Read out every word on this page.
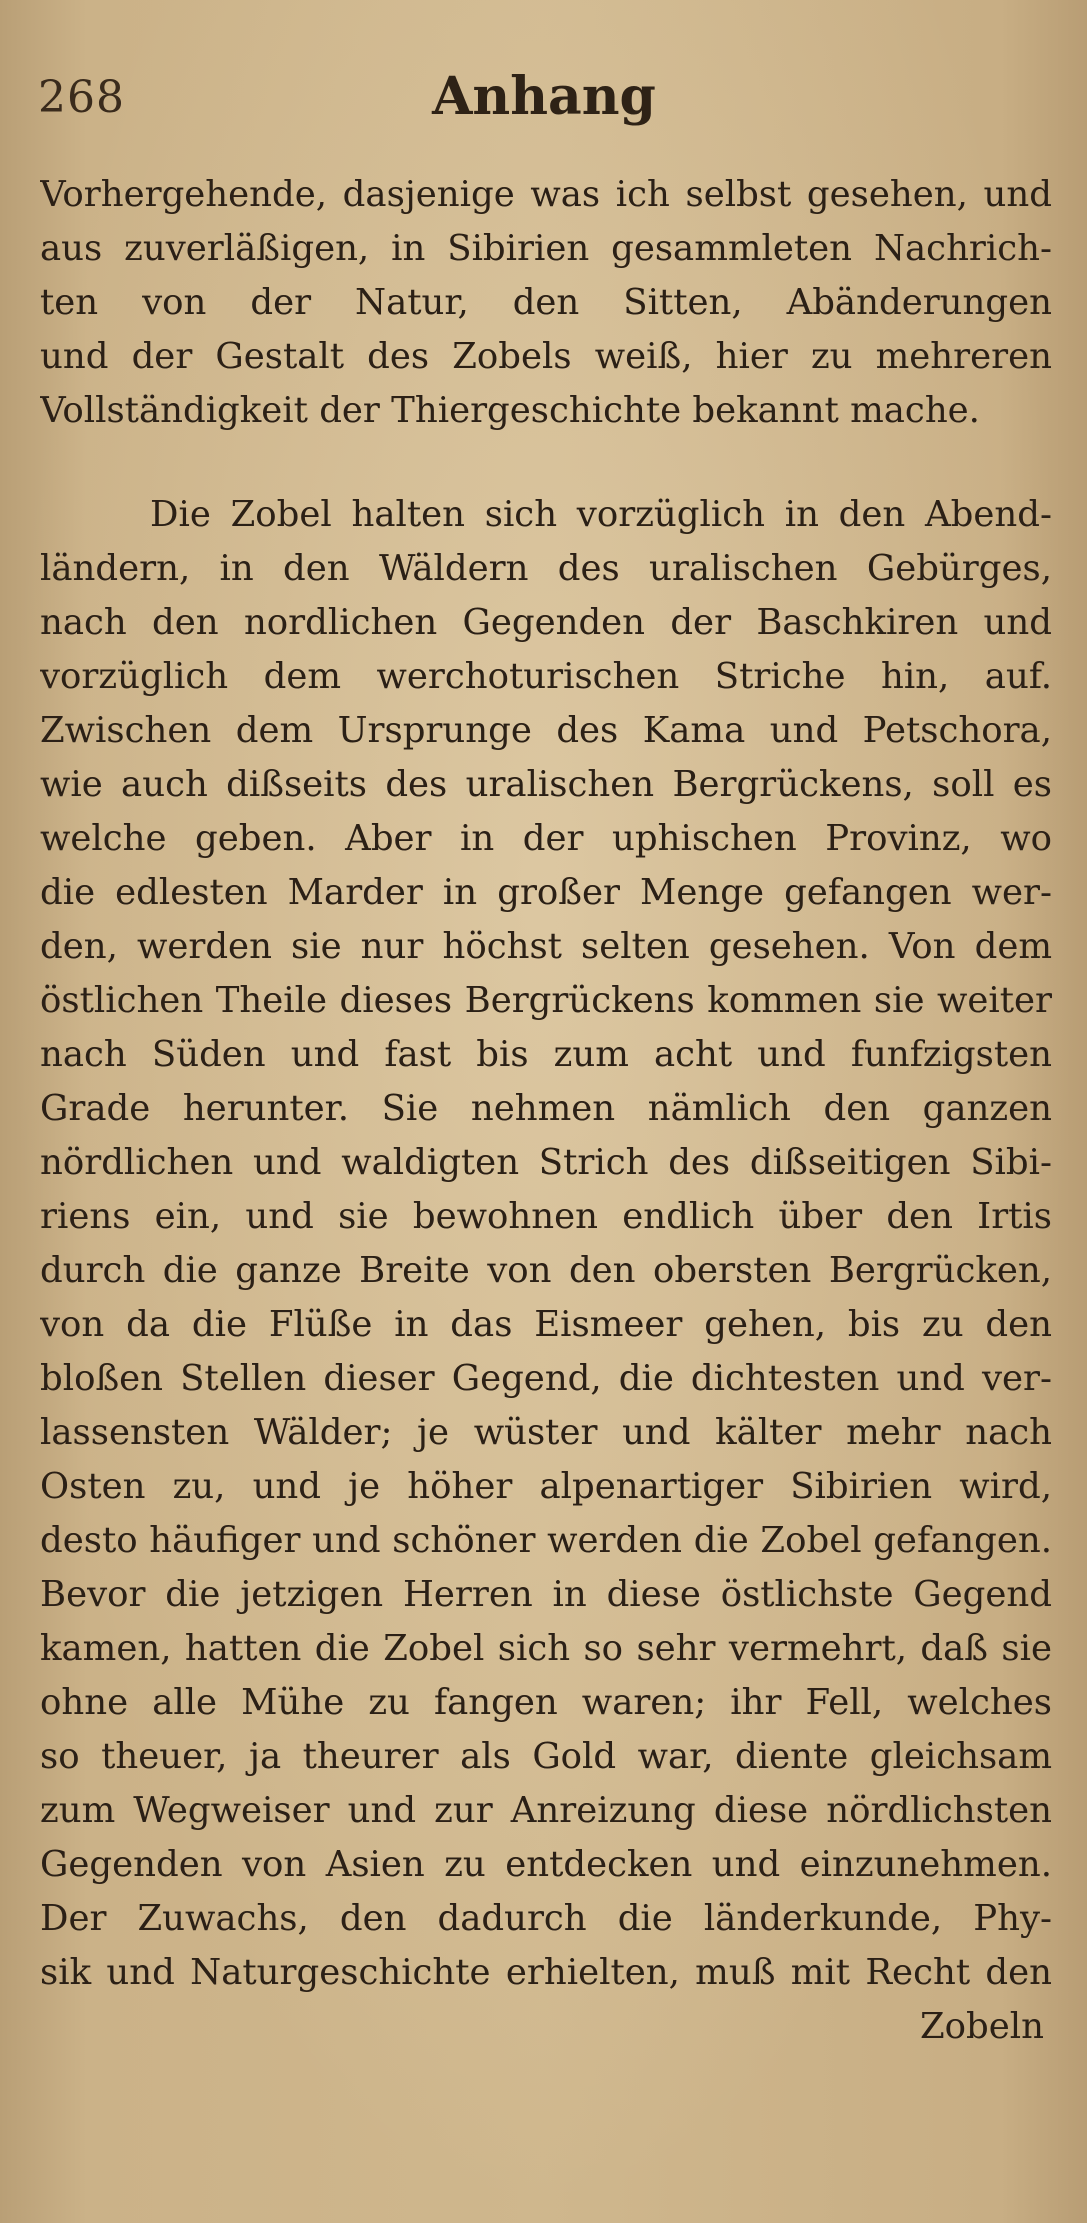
268	Anhang
Vorhergehende, dasjenige was ich selbst gesehen, und
aus zuverläßigen, in Sibirien gesammleten Nachrich-
ten von der Natur, den Sitten, Abänderungen
und der Gestalt des Zobels weiß, hier zu mehreren
Vollständigkeit der Thiergeschichte bekannt mache.
Die Zobel halten sich vorzüglich in den Abend-
ländern, in den Wäldern des uralischen Gebürges,
nach den nordlichen Gegenden der Baschkiren und
vorzüglich dem werchoturischen Striche hin, auf.
Zwischen dem Ursprunge des Kama und Petschora,
wie auch dißseits des uralischen Bergrückens, soll es
welche geben. Aber in der uphischen Provinz, wo
die edlesten Marder in großer Menge gefangen wer-
den, werden sie nur höchst selten gesehen. Von dem
östlichen Theile dieses Bergrückens kommen sie weiter
nach Süden und fast bis zum acht und funfzigsten
Grade herunter. Sie nehmen nämlich den ganzen
nördlichen und waldigten Strich des dißseitigen Sibi-
riens ein, und sie bewohnen endlich über den Irtis
durch die ganze Breite von den obersten Bergrücken,
von da die Flüße in das Eismeer gehen, bis zu den
bloßen Stellen dieser Gegend, die dichtesten und ver-
lassensten Wälder; je wüster und kälter mehr nach
Osten zu, und je höher alpenartiger Sibirien wird,
desto häufiger und schöner werden die Zobel gefangen.
Bevor die jetzigen Herren in diese östlichste Gegend
kamen, hatten die Zobel sich so sehr vermehrt, daß sie
ohne alle Mühe zu fangen waren; ihr Fell, welches
so theuer, ja theurer als Gold war, diente gleichsam
zum Wegweiser und zur Anreizung diese nördlichsten
Gegenden von Asien zu entdecken und einzunehmen.
Der Zuwachs, den dadurch die länderkunde, Phy-
sik und Naturgeschichte erhielten, muß mit Recht den
Zobeln
